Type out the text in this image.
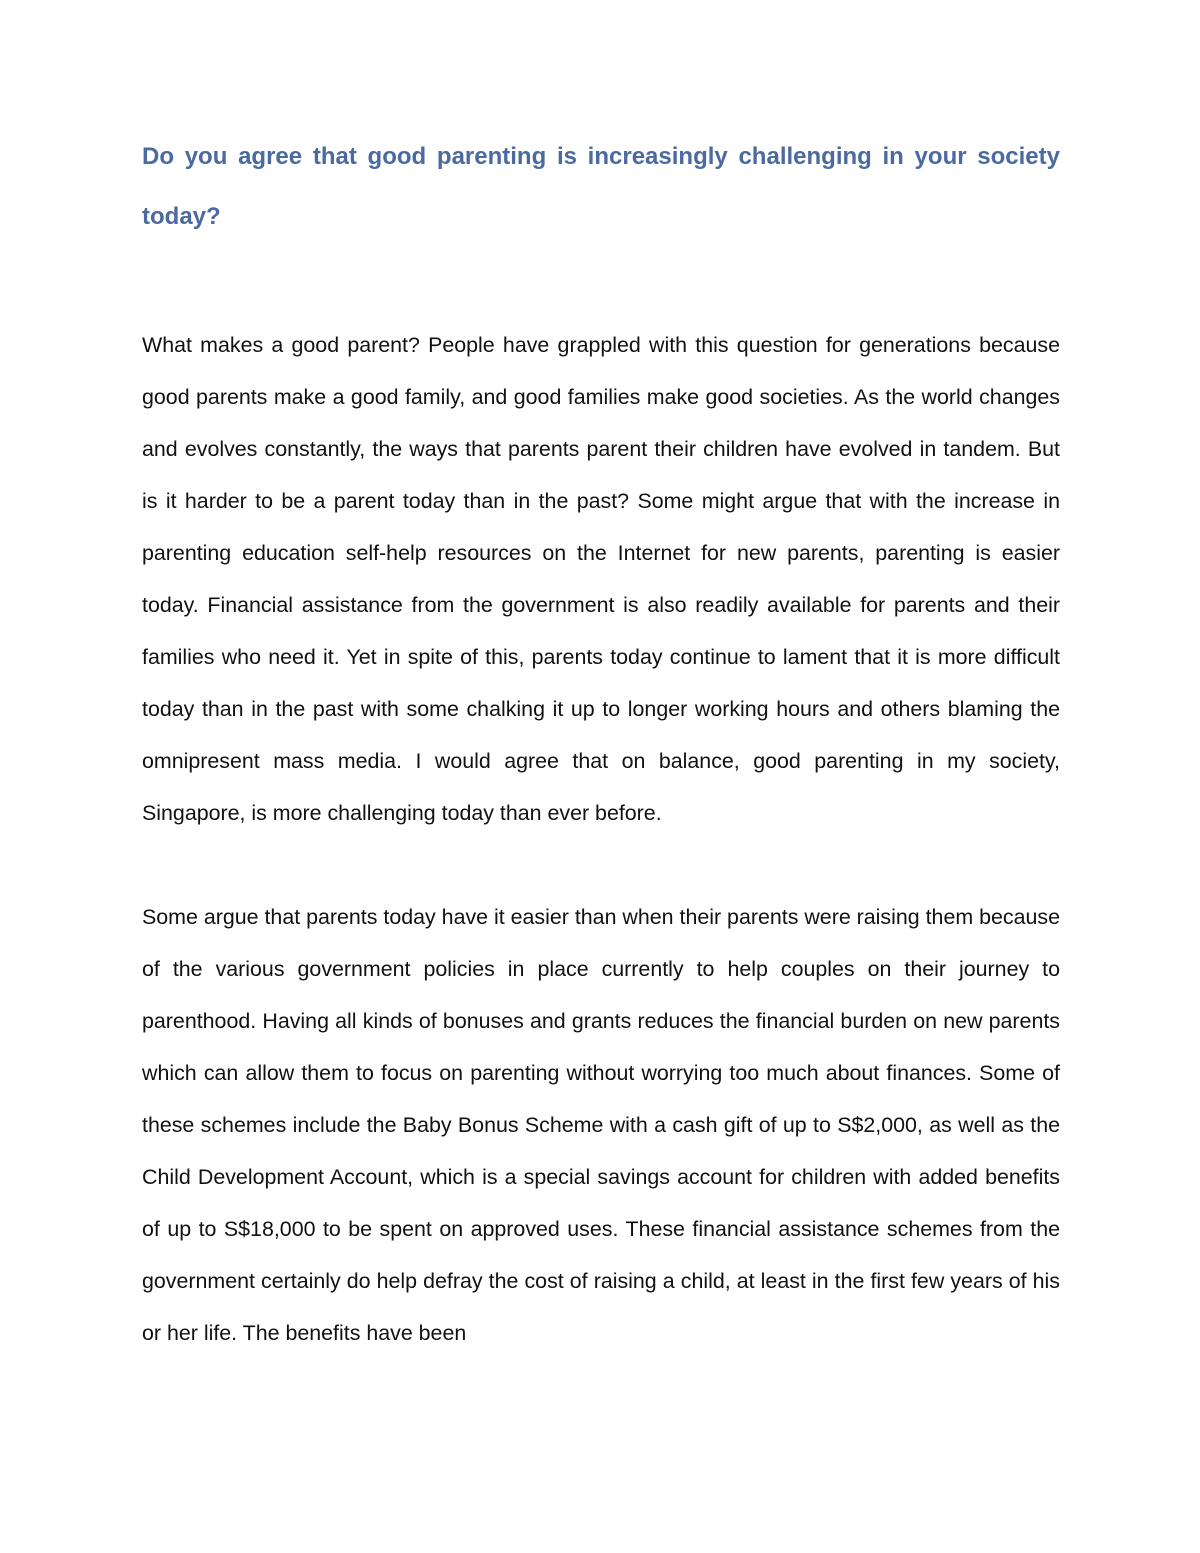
Do you agree that good parenting is increasingly challenging in your society today?

What makes a good parent? People have grappled with this question for generations because good parents make a good family, and good families make good societies. As the world changes and evolves constantly, the ways that parents parent their children have evolved in tandem. But is it harder to be a parent today than in the past? Some might argue that with the increase in parenting education self-help resources on the Internet for new parents, parenting is easier today. Financial assistance from the government is also readily available for parents and their families who need it. Yet in spite of this, parents today continue to lament that it is more difficult today than in the past with some chalking it up to longer working hours and others blaming the omnipresent mass media. I would agree that on balance, good parenting in my society, Singapore, is more challenging today than ever before.

Some argue that parents today have it easier than when their parents were raising them because of the various government policies in place currently to help couples on their journey to parenthood. Having all kinds of bonuses and grants reduces the financial burden on new parents which can allow them to focus on parenting without worrying too much about finances. Some of these schemes include the Baby Bonus Scheme with a cash gift of up to S$2,000, as well as the Child Development Account, which is a special savings account for children with added benefits of up to S$18,000 to be spent on approved uses. These financial assistance schemes from the government certainly do help defray the cost of raising a child, at least in the first few years of his or her life. The benefits have been
